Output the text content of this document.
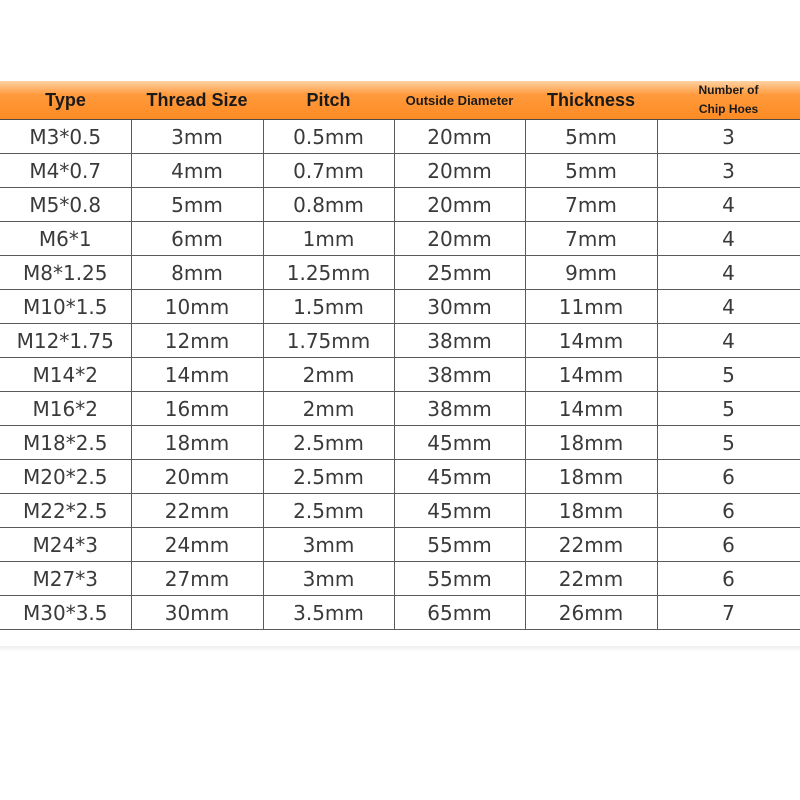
Type	Thread Size	Pitch	Outside Diameter	Thickness	Number of
Chip Hoes
M3*0.5	3mm	0.5mm	20mm	5mm	3
M4*0.7	4mm	0.7mm	20mm	5mm	3
M5*0.8	5mm	0.8mm	20mm	7mm	4
M6*1	6mm	1mm	20mm	7mm	4
M8*1.25	8mm	1.25mm	25mm	9mm	4
M10*1.5	10mm	1.5mm	30mm	11mm	4
M12*1.75	12mm	1.75mm	38mm	14mm	4
M14*2	14mm	2mm	38mm	14mm	5
M16*2	16mm	2mm	38mm	14mm	5
M18*2.5	18mm	2.5mm	45mm	18mm	5
M20*2.5	20mm	2.5mm	45mm	18mm	6
M22*2.5	22mm	2.5mm	45mm	18mm	6
M24*3	24mm	3mm	55mm	22mm	6
M27*3	27mm	3mm	55mm	22mm	6
M30*3.5	30mm	3.5mm	65mm	26mm	7
